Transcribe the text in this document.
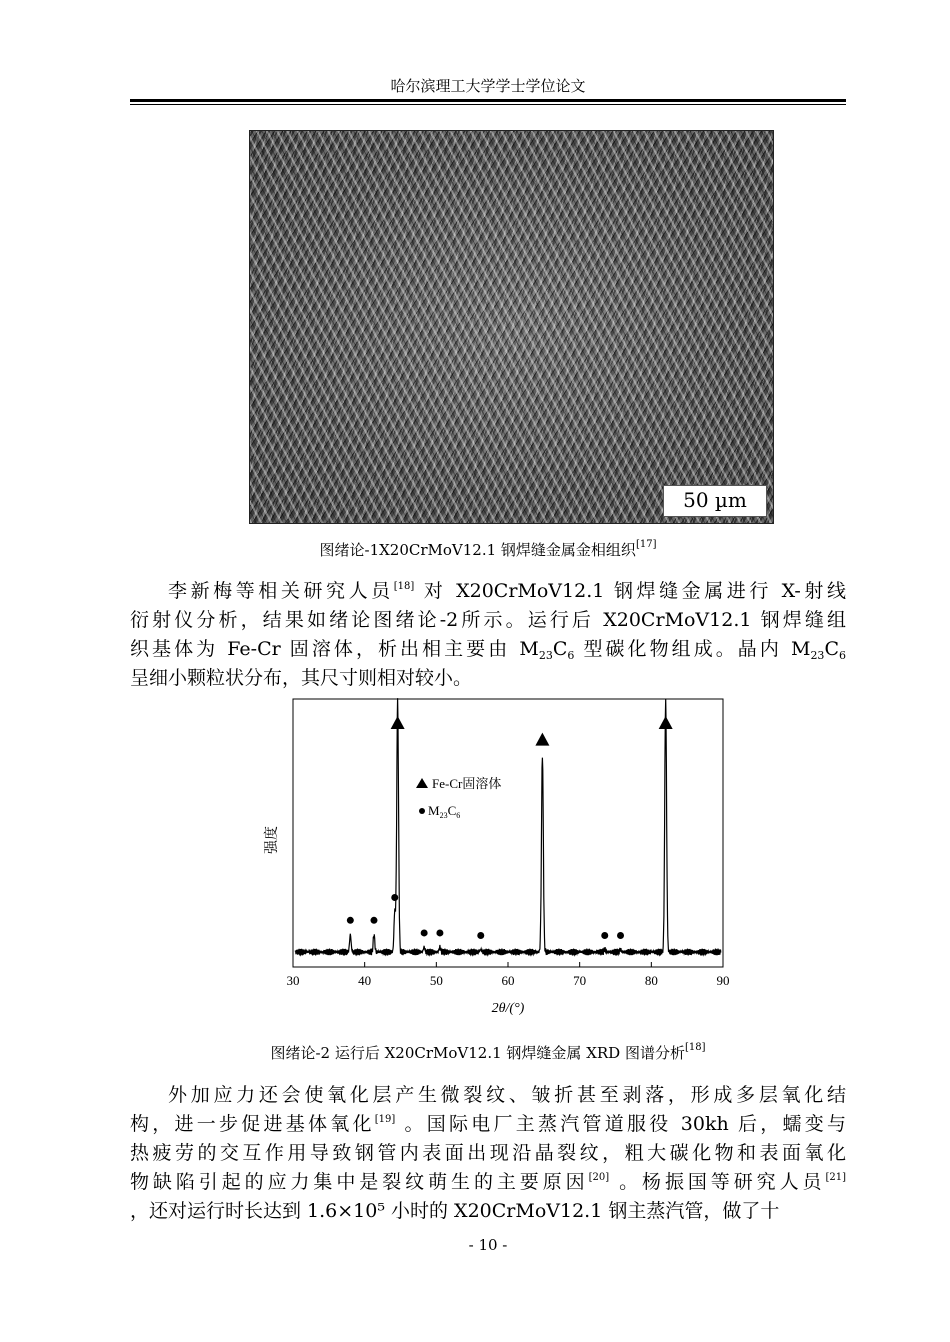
哈尔滨理工大学学士学位论文
50 µm
图绪论-1X20CrMoV12.1 钢焊缝金属金相组织[17]
李新梅等相关研究人员[18] 对 X20CrMoV12.1 钢焊缝金属进行 X-射线
衍射仪分析，结果如绪论图绪论-2所示。运行后 X20CrMoV12.1 钢焊缝组
织基体为 Fe-Cr 固溶体，析出相主要由 $M_{23}C_6$ 型碳化物组成。晶内 $M_{23}C_6$
呈细小颗粒状分布，其尺寸则相对较小。
30	40	50	60	70	80	90
强度
2θ/(°)
Fe-Cr固溶体
$M_{23}C_6$
图绪论-2 运行后 X20CrMoV12.1 钢焊缝金属 XRD 图谱分析[18]
外加应力还会使氧化层产生微裂纹、皱折甚至剥落，形成多层氧化结
构，进一步促进基体氧化[19] 。国际电厂主蒸汽管道服役 30kh 后，蠕变与
热疲劳的交互作用导致钢管内表面出现沿晶裂纹，粗大碳化物和表面氧化
物缺陷引起的应力集中是裂纹萌生的主要原因[20] 。杨振国等研究人员[21]
，还对运行时长达到 1.6×10⁵ 小时的 X20CrMoV12.1 钢主蒸汽管，做了十
- 10 -
